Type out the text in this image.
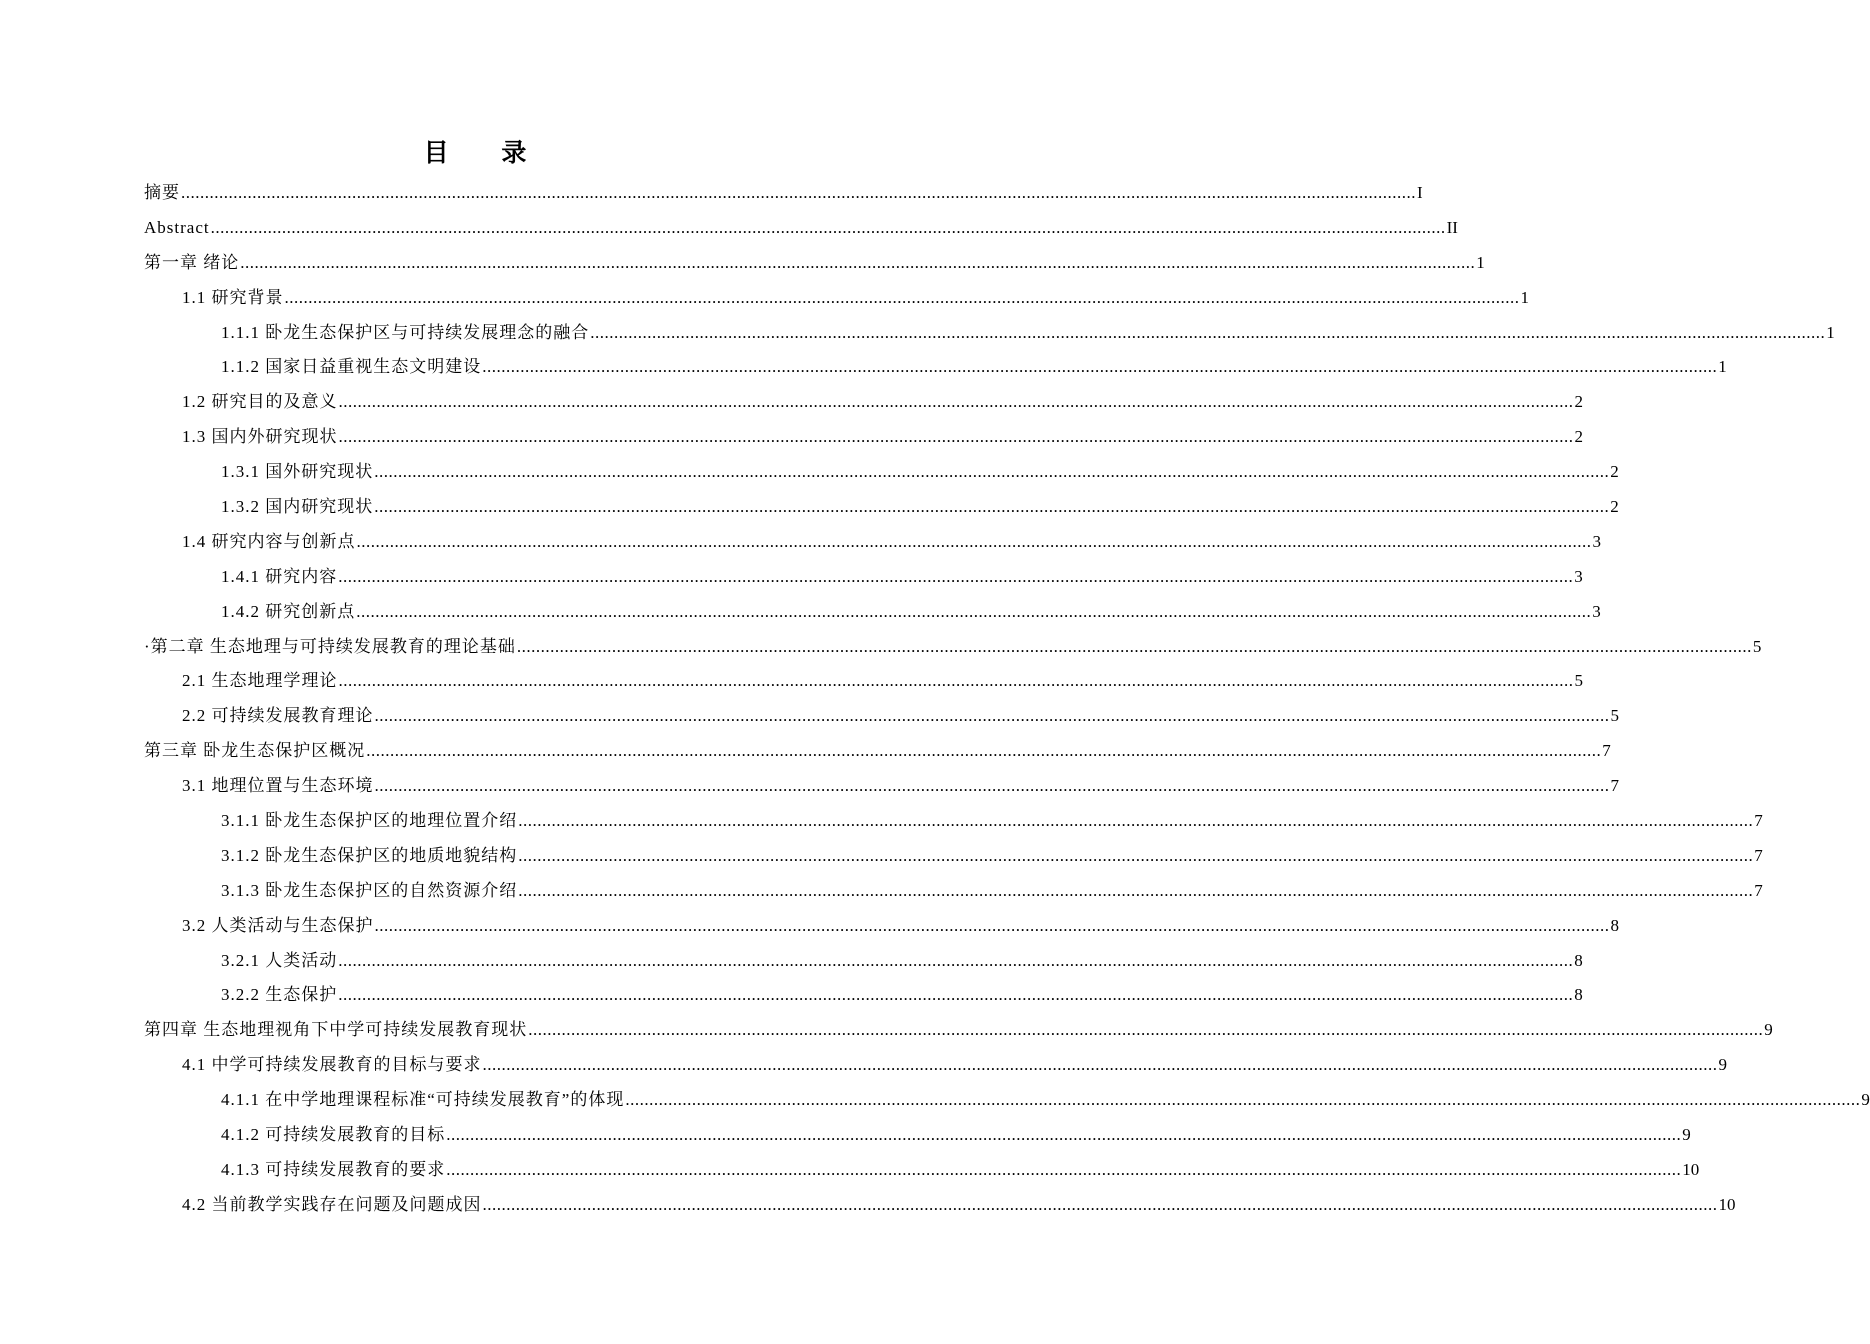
目 录
摘要 .................................................................................................................................................................................................................................................................... I
Abstract .................................................................................................................................................................................................................................................................... II
第一章 绪论 .................................................................................................................................................................................................................................................................... 1
1.1 研究背景 .................................................................................................................................................................................................................................................................... 1
1.1.1 卧龙生态保护区与可持续发展理念的融合 .................................................................................................................................................................................................................................................................... 1
1.1.2 国家日益重视生态文明建设 .................................................................................................................................................................................................................................................................... 1
1.2 研究目的及意义 .................................................................................................................................................................................................................................................................... 2
1.3 国内外研究现状 .................................................................................................................................................................................................................................................................... 2
1.3.1 国外研究现状 .................................................................................................................................................................................................................................................................... 2
1.3.2 国内研究现状 .................................................................................................................................................................................................................................................................... 2
1.4 研究内容与创新点 .................................................................................................................................................................................................................................................................... 3
1.4.1 研究内容 .................................................................................................................................................................................................................................................................... 3
1.4.2 研究创新点 .................................................................................................................................................................................................................................................................... 3
·第二章 生态地理与可持续发展教育的理论基础 .................................................................................................................................................................................................................................................................... 5
2.1 生态地理学理论 .................................................................................................................................................................................................................................................................... 5
2.2 可持续发展教育理论 .................................................................................................................................................................................................................................................................... 5
第三章 卧龙生态保护区概况 .................................................................................................................................................................................................................................................................... 7
3.1 地理位置与生态环境 .................................................................................................................................................................................................................................................................... 7
3.1.1 卧龙生态保护区的地理位置介绍 .................................................................................................................................................................................................................................................................... 7
3.1.2 卧龙生态保护区的地质地貌结构 .................................................................................................................................................................................................................................................................... 7
3.1.3 卧龙生态保护区的自然资源介绍 .................................................................................................................................................................................................................................................................... 7
3.2 人类活动与生态保护 .................................................................................................................................................................................................................................................................... 8
3.2.1 人类活动 .................................................................................................................................................................................................................................................................... 8
3.2.2 生态保护 .................................................................................................................................................................................................................................................................... 8
第四章 生态地理视角下中学可持续发展教育现状 .................................................................................................................................................................................................................................................................... 9
4.1 中学可持续发展教育的目标与要求 .................................................................................................................................................................................................................................................................... 9
4.1.1 在中学地理课程标准“可持续发展教育”的体现 .................................................................................................................................................................................................................................................................... 9
4.1.2 可持续发展教育的目标 .................................................................................................................................................................................................................................................................... 9
4.1.3 可持续发展教育的要求 .................................................................................................................................................................................................................................................................... 10
4.2 当前教学实践存在问题及问题成因 .................................................................................................................................................................................................................................................................... 10
